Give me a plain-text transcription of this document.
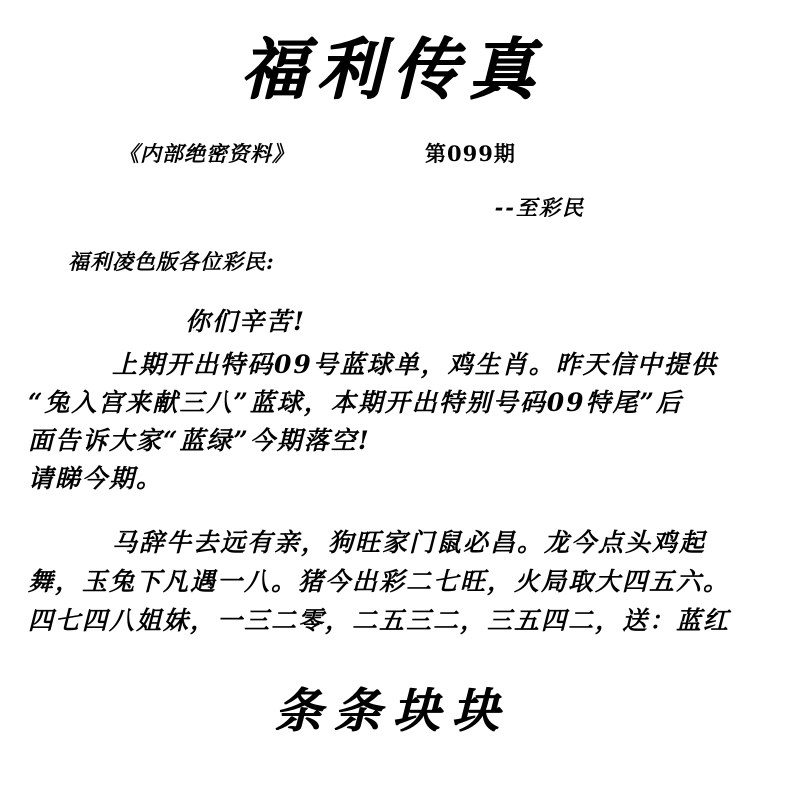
福利传真
《内部绝密资料》	第099期
--至彩民
福利凌色版各位彩民:
你们辛苦!
上期开出特码09号蓝球单，鸡生肖。昨天信中提供
“兔入宫来献三八”蓝球，本期开出特别号码09特尾”后
面告诉大家“蓝绿”今期落空!
请睇今期。
马辞牛去远有亲，狗旺家门鼠必昌。龙今点头鸡起
舞，玉兔下凡遇一八。猪今出彩二七旺，火局取大四五六。
四七四八姐妹，一三二零，二五三二，三五四二，送：蓝红
条条块块
